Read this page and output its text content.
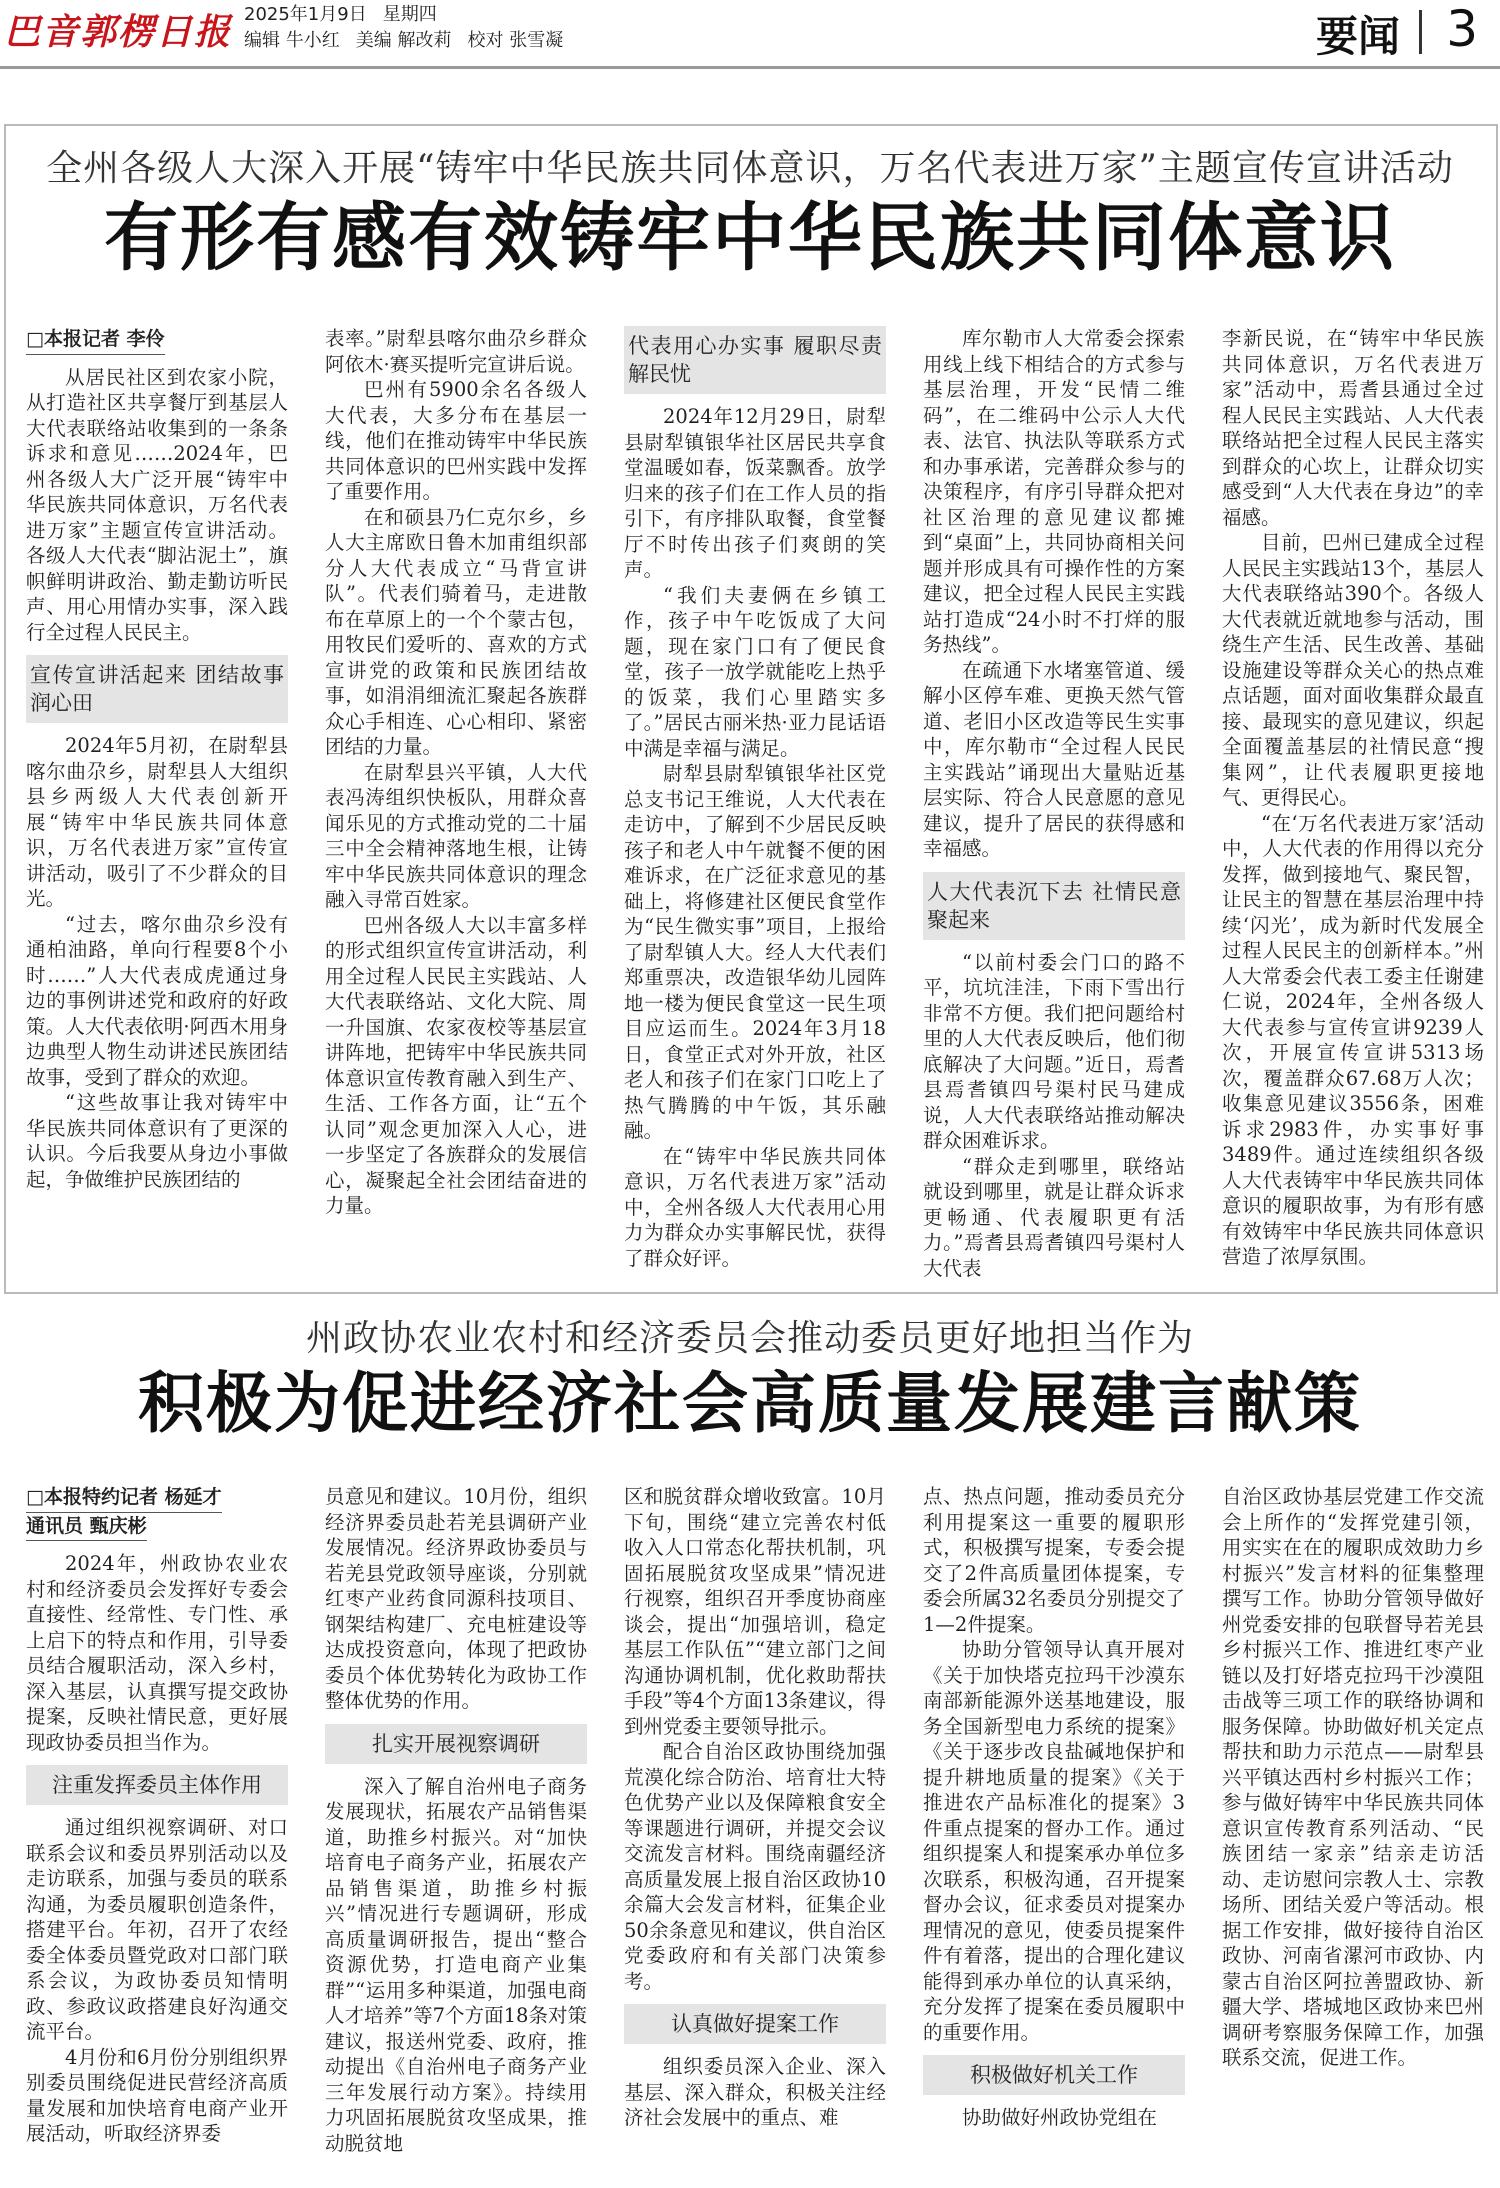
巴音郭楞日报 2025年1月9日 星期四
编辑 牛小红 美编 解改莉 校对 张雪凝	要闻 3
全州各级人大深入开展“铸牢中华民族共同体意识，万名代表进万家”主题宣传宣讲活动
有形有感有效铸牢中华民族共同体意识
□本报记者 李伶

从居民社区到农家小院，从打造社区共享餐厅到基层人大代表联络站收集到的一条条诉求和意见……2024年，巴州各级人大广泛开展“铸牢中华民族共同体意识，万名代表进万家”主题宣传宣讲活动。各级人大代表“脚沾泥土”，旗帜鲜明讲政治、勤走勤访听民声、用心用情办实事，深入践行全过程人民民主。

宣传宣讲活起来 团结故事润心田

2024年5月初，在尉犁县喀尔曲尕乡，尉犁县人大组织县乡两级人大代表创新开展“铸牢中华民族共同体意识，万名代表进万家”宣传宣讲活动，吸引了不少群众的目光。

“过去，喀尔曲尕乡没有通柏油路，单向行程要8个小时……”人大代表成虎通过身边的事例讲述党和政府的好政策。人大代表依明·阿西木用身边典型人物生动讲述民族团结故事，受到了群众的欢迎。

“这些故事让我对铸牢中华民族共同体意识有了更深的认识。今后我要从身边小事做起，争做维护民族团结的

表率。”尉犁县喀尔曲尕乡群众阿依木·赛买提听完宣讲后说。

巴州有5900余名各级人大代表，大多分布在基层一线，他们在推动铸牢中华民族共同体意识的巴州实践中发挥了重要作用。

在和硕县乃仁克尔乡，乡人大主席欧日鲁木加甫组织部分人大代表成立“马背宣讲队”。代表们骑着马，走进散布在草原上的一个个蒙古包，用牧民们爱听的、喜欢的方式宣讲党的政策和民族团结故事，如涓涓细流汇聚起各族群众心手相连、心心相印、紧密团结的力量。

在尉犁县兴平镇，人大代表冯涛组织快板队，用群众喜闻乐见的方式推动党的二十届三中全会精神落地生根，让铸牢中华民族共同体意识的理念融入寻常百姓家。

巴州各级人大以丰富多样的形式组织宣传宣讲活动，利用全过程人民民主实践站、人大代表联络站、文化大院、周一升国旗、农家夜校等基层宣讲阵地，把铸牢中华民族共同体意识宣传教育融入到生产、生活、工作各方面，让“五个认同”观念更加深入人心，进一步坚定了各族群众的发展信心，凝聚起全社会团结奋进的力量。

代表用心办实事 履职尽责解民忧

2024年12月29日，尉犁县尉犁镇银华社区居民共享食堂温暖如春，饭菜飘香。放学归来的孩子们在工作人员的指引下，有序排队取餐，食堂餐厅不时传出孩子们爽朗的笑声。

“我们夫妻俩在乡镇工作，孩子中午吃饭成了大问题，现在家门口有了便民食堂，孩子一放学就能吃上热乎的饭菜，我们心里踏实多了。”居民古丽米热·亚力昆话语中满是幸福与满足。

尉犁县尉犁镇银华社区党总支书记王维说，人大代表在走访中，了解到不少居民反映孩子和老人中午就餐不便的困难诉求，在广泛征求意见的基础上，将修建社区便民食堂作为“民生微实事”项目，上报给了尉犁镇人大。经人大代表们郑重票决，改造银华幼儿园阵地一楼为便民食堂这一民生项目应运而生。2024年3月18日，食堂正式对外开放，社区老人和孩子们在家门口吃上了热气腾腾的中午饭，其乐融融。

在“铸牢中华民族共同体意识，万名代表进万家”活动中，全州各级人大代表用心用力为群众办实事解民忧，获得了群众好评。

库尔勒市人大常委会探索用线上线下相结合的方式参与基层治理，开发“民情二维码”，在二维码中公示人大代表、法官、执法队等联系方式和办事承诺，完善群众参与的决策程序，有序引导群众把对社区治理的意见建议都摊到“桌面”上，共同协商相关问题并形成具有可操作性的方案建议，把全过程人民民主实践站打造成“24小时不打烊的服务热线”。

在疏通下水堵塞管道、缓解小区停车难、更换天然气管道、老旧小区改造等民生实事中，库尔勒市“全过程人民民主实践站”诵现出大量贴近基层实际、符合人民意愿的意见建议，提升了居民的获得感和幸福感。

人大代表沉下去 社情民意聚起来

“以前村委会门口的路不平，坑坑洼洼，下雨下雪出行非常不方便。我们把问题给村里的人大代表反映后，他们彻底解决了大问题。”近日，焉耆县焉耆镇四号渠村民马建成说，人大代表联络站推动解决群众困难诉求。

“群众走到哪里，联络站就设到哪里，就是让群众诉求更畅通、代表履职更有活力。”焉耆县焉耆镇四号渠村人大代表

李新民说，在“铸牢中华民族共同体意识，万名代表进万家”活动中，焉耆县通过全过程人民民主实践站、人大代表联络站把全过程人民民主落实到群众的心坎上，让群众切实感受到“人大代表在身边”的幸福感。

目前，巴州已建成全过程人民民主实践站13个，基层人大代表联络站390个。各级人大代表就近就地参与活动，围绕生产生活、民生改善、基础设施建设等群众关心的热点难点话题，面对面收集群众最直接、最现实的意见建议，织起全面覆盖基层的社情民意“搜集网”，让代表履职更接地气、更得民心。

“在‘万名代表进万家’活动中，人大代表的作用得以充分发挥，做到接地气、聚民智，让民主的智慧在基层治理中持续‘闪光’，成为新时代发展全过程人民民主的创新样本。”州人大常委会代表工委主任谢建仁说，2024年，全州各级人大代表参与宣传宣讲9239人次，开展宣传宣讲5313场次，覆盖群众67.68万人次；收集意见建议3556条，困难诉求2983件，办实事好事3489件。通过连续组织各级人大代表铸牢中华民族共同体意识的履职故事，为有形有感有效铸牢中华民族共同体意识营造了浓厚氛围。

州政协农业农村和经济委员会推动委员更好地担当作为
积极为促进经济社会高质量发展建言献策
□本报特约记者 杨延才
通讯员 甄庆彬

2024年，州政协农业农村和经济委员会发挥好专委会直接性、经常性、专门性、承上启下的特点和作用，引导委员结合履职活动，深入乡村，深入基层，认真撰写提交政协提案，反映社情民意，更好展现政协委员担当作为。

注重发挥委员主体作用

通过组织视察调研、对口联系会议和委员界别活动以及走访联系，加强与委员的联系沟通，为委员履职创造条件，搭建平台。年初，召开了农经委全体委员暨党政对口部门联系会议，为政协委员知情明政、参政议政搭建良好沟通交流平台。

4月份和6月份分别组织界别委员围绕促进民营经济高质量发展和加快培育电商产业开展活动，听取经济界委

员意见和建议。10月份，组织经济界委员赴若羌县调研产业发展情况。经济界政协委员与若羌县党政领导座谈，分别就红枣产业药食同源科技项目、钢架结构建厂、充电桩建设等达成投资意向，体现了把政协委员个体优势转化为政协工作整体优势的作用。

扎实开展视察调研

深入了解自治州电子商务发展现状，拓展农产品销售渠道，助推乡村振兴。对“加快培育电子商务产业，拓展农产品销售渠道，助推乡村振兴”情况进行专题调研，形成高质量调研报告，提出“整合资源优势，打造电商产业集群”“运用多种渠道，加强电商人才培养”等7个方面18条对策建议，报送州党委、政府，推动提出《自治州电子商务产业三年发展行动方案》。持续用力巩固拓展脱贫攻坚成果，推动脱贫地

区和脱贫群众增收致富。10月下旬，围绕“建立完善农村低收入人口常态化帮扶机制，巩固拓展脱贫攻坚成果”情况进行视察，组织召开季度协商座谈会，提出“加强培训，稳定基层工作队伍”“建立部门之间沟通协调机制，优化救助帮扶手段”等4个方面13条建议，得到州党委主要领导批示。

配合自治区政协围绕加强荒漠化综合防治、培育壮大特色优势产业以及保障粮食安全等课题进行调研，并提交会议交流发言材料。围绕南疆经济高质量发展上报自治区政协10余篇大会发言材料，征集企业50余条意见和建议，供自治区党委政府和有关部门决策参考。

认真做好提案工作

组织委员深入企业、深入基层、深入群众，积极关注经济社会发展中的重点、难

点、热点问题，推动委员充分利用提案这一重要的履职形式，积极撰写提案，专委会提交了2件高质量团体提案，专委会所属32名委员分别提交了1—2件提案。

协助分管领导认真开展对《关于加快塔克拉玛干沙漠东南部新能源外送基地建设，服务全国新型电力系统的提案》《关于逐步改良盐碱地保护和提升耕地质量的提案》《关于推进农产品标准化的提案》3件重点提案的督办工作。通过组织提案人和提案承办单位多次联系，积极沟通，召开提案督办会议，征求委员对提案办理情况的意见，使委员提案件件有着落，提出的合理化建议能得到承办单位的认真采纳，充分发挥了提案在委员履职中的重要作用。

积极做好机关工作

协助做好州政协党组在

自治区政协基层党建工作交流会上所作的“发挥党建引领，用实实在在的履职成效助力乡村振兴”发言材料的征集整理撰写工作。协助分管领导做好州党委安排的包联督导若羌县乡村振兴工作、推进红枣产业链以及打好塔克拉玛干沙漠阻击战等三项工作的联络协调和服务保障。协助做好机关定点帮扶和助力示范点——尉犁县兴平镇达西村乡村振兴工作；参与做好铸牢中华民族共同体意识宣传教育系列活动、“民族团结一家亲”结亲走访活动、走访慰问宗教人士、宗教场所、团结关爱户等活动。根据工作安排，做好接待自治区政协、河南省漯河市政协、内蒙古自治区阿拉善盟政协、新疆大学、塔城地区政协来巴州调研考察服务保障工作，加强联系交流，促进工作。
